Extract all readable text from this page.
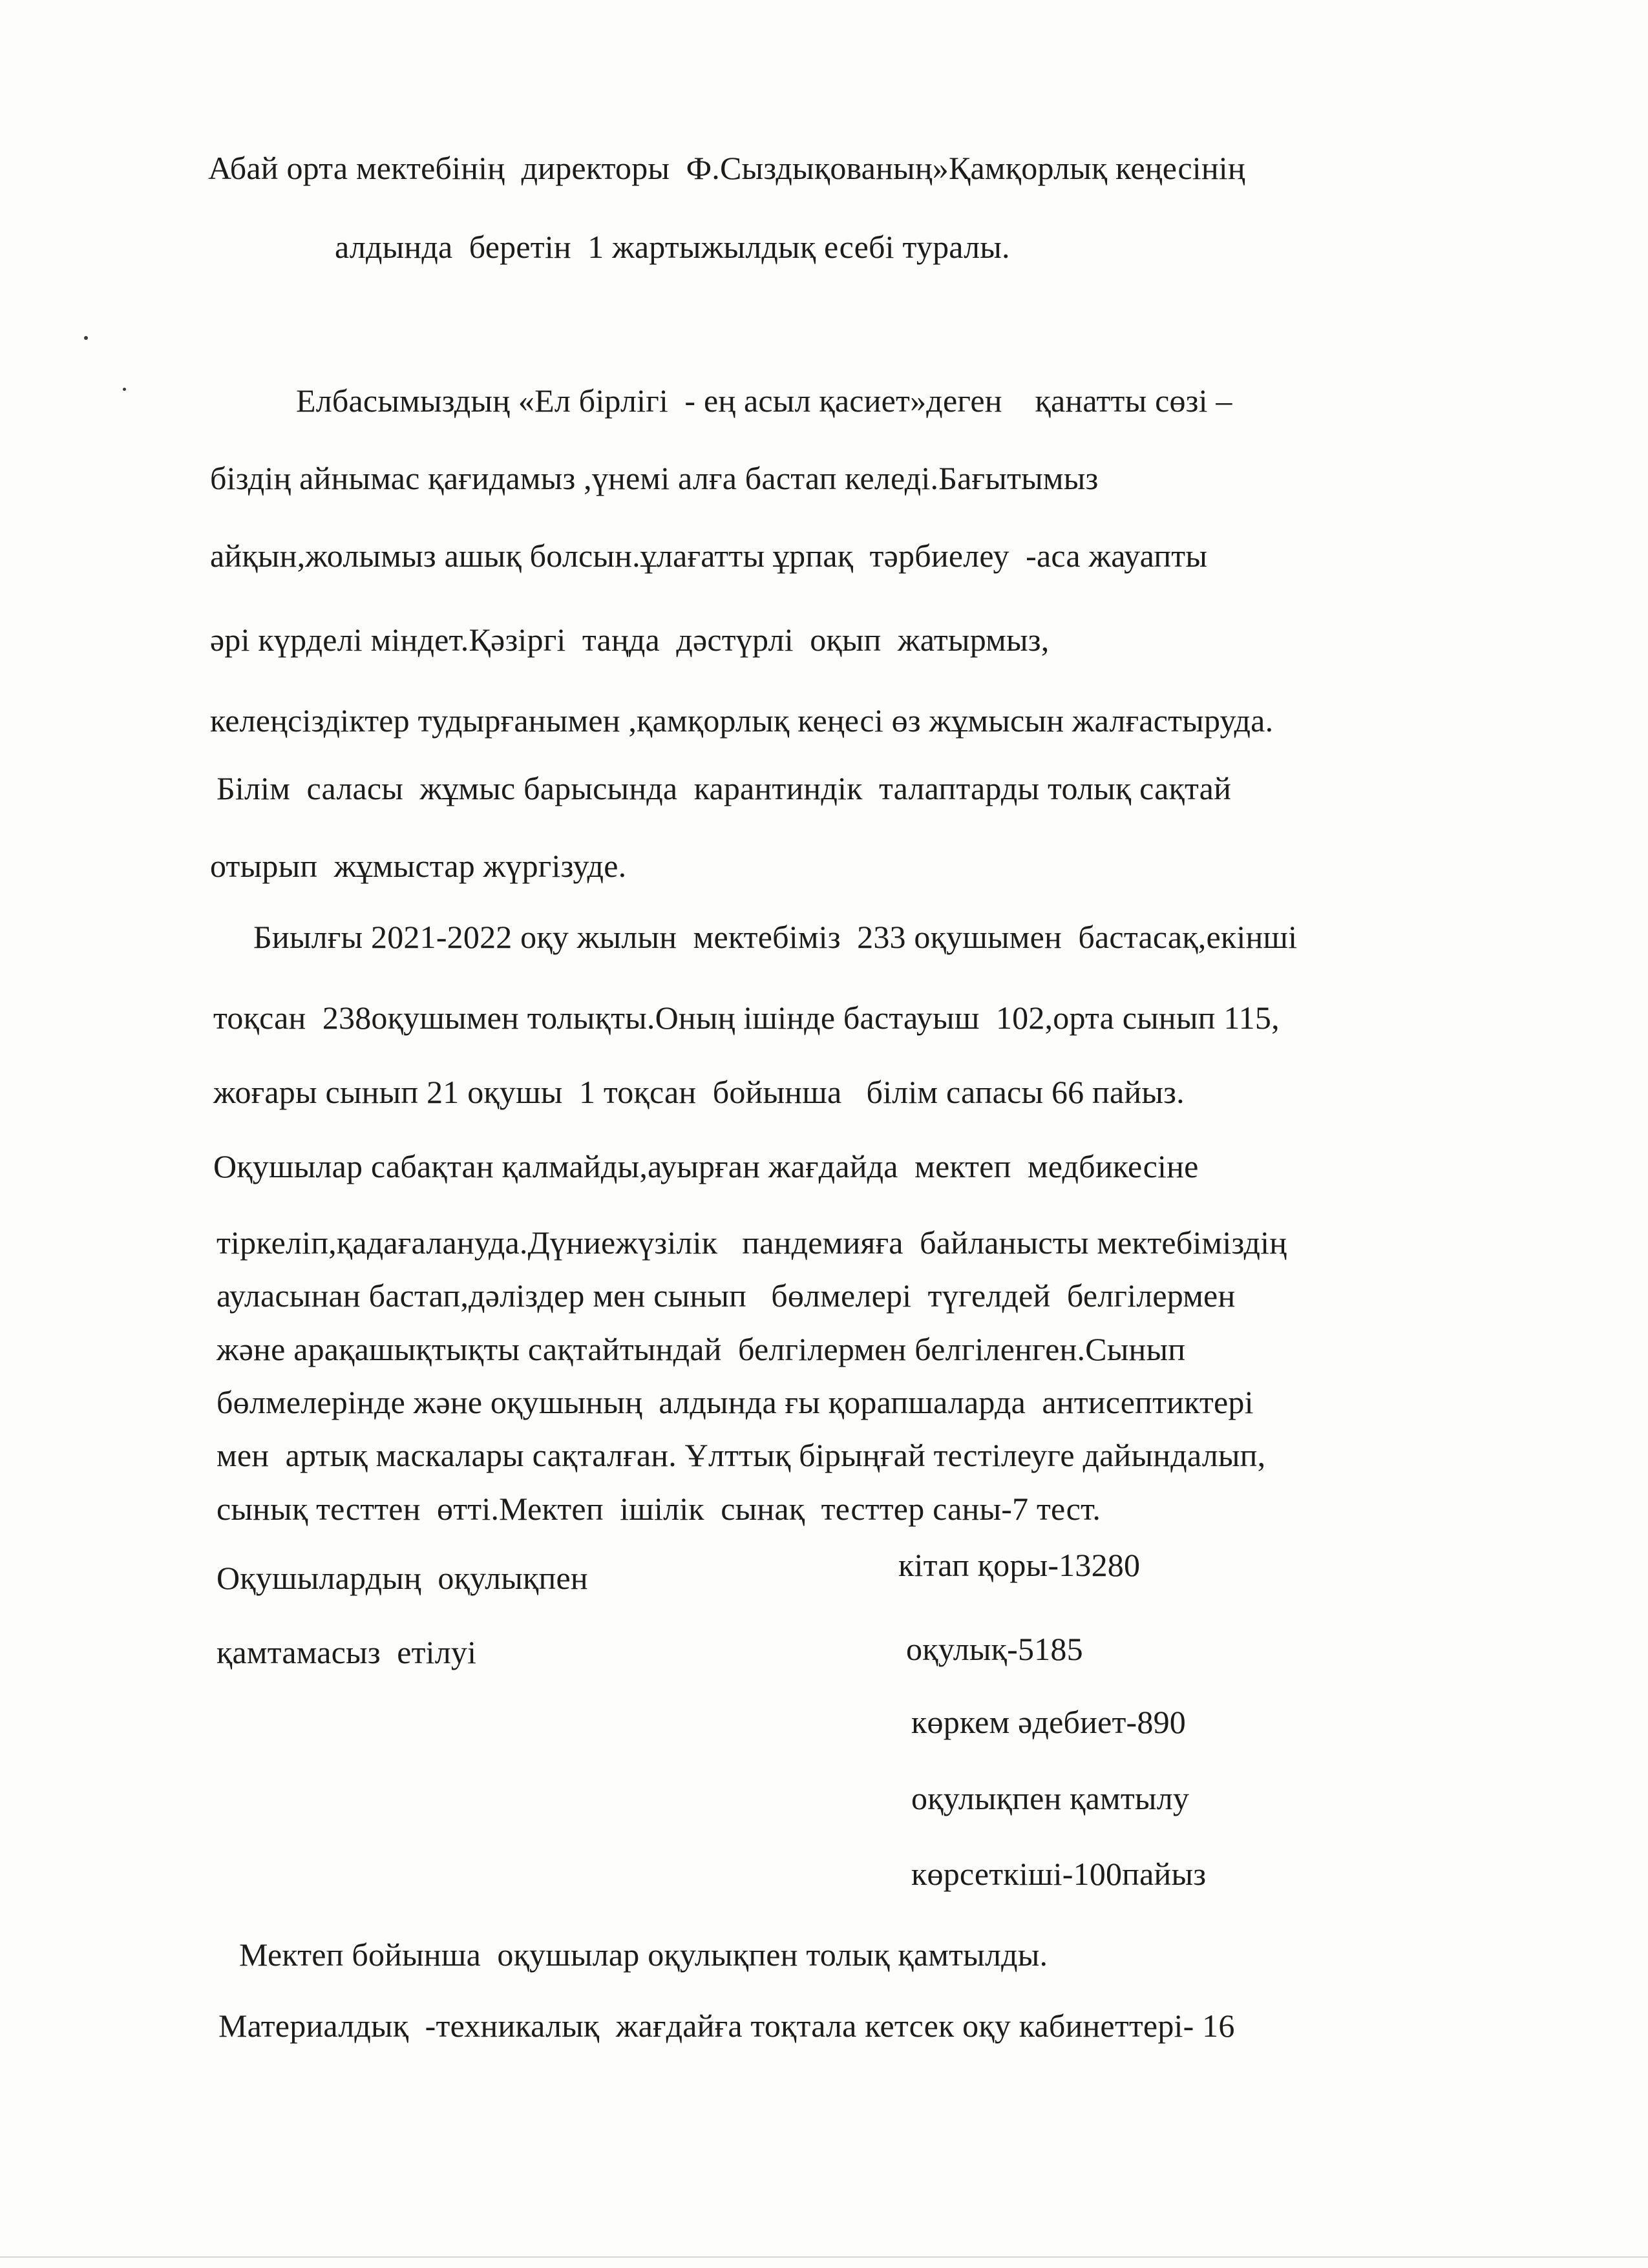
Абай орта мектебінің  директоры  Ф.Сыздықованың»Қамқорлық кеңесінің
алдында  беретін  1 жартыжылдық есебі туралы.
Елбасымыздың «Ел бірлігі  - ең асыл қасиет»деген    қанатты сөзі –
біздің айнымас қағидамыз ,үнемі алға бастап келеді.Бағытымыз
айқын,жолымыз ашық болсын.ұлағатты ұрпақ  тәрбиелеу  -аса жауапты
әрі күрделі міндет.Қәзіргі  таңда  дәстүрлі  оқып  жатырмыз,
келеңсіздіктер тудырғанымен ,қамқорлық кеңесі өз жұмысын жалғастыруда.
Білім  саласы  жұмыс барысында  карантиндік  талаптарды толық сақтай
отырып  жұмыстар жүргізуде.
Биылғы 2021-2022 оқу жылын  мектебіміз  233 оқушымен  бастасақ,екінші
тоқсан  238оқушымен толықты.Оның ішінде бастауыш  102,орта сынып 115,
жоғары сынып 21 оқушы  1 тоқсан  бойынша   білім сапасы 66 пайыз.
Оқушылар сабақтан қалмайды,ауырған жағдайда  мектеп  медбикесіне
тіркеліп,қадағалануда.Дүниежүзілік   пандемияға  байланысты мектебіміздің
ауласынан бастап,дәліздер мен сынып   бөлмелері  түгелдей  белгілермен
және арақашықтықты сақтайтындай  белгілермен белгіленген.Сынып
бөлмелерінде және оқушының  алдында ғы қорапшаларда  антисептиктері
мен  артық маскалары сақталған. Ұлттық бірыңғай тестілеуге дайындалып,
сынық тесттен  өтті.Мектеп  ішілік  сынақ  тесттер саны-7 тест.
Оқушылардың  оқулықпен
қамтамасыз  етілуі
кітап қоры-13280
оқулық-5185
көркем әдебиет-890
оқулықпен қамтылу
көрсеткіші-100пайыз
Мектеп бойынша  оқушылар оқулықпен толық қамтылды.
Материалдық  -техникалық  жағдайға тоқтала кетсек оқу кабинеттері- 16
